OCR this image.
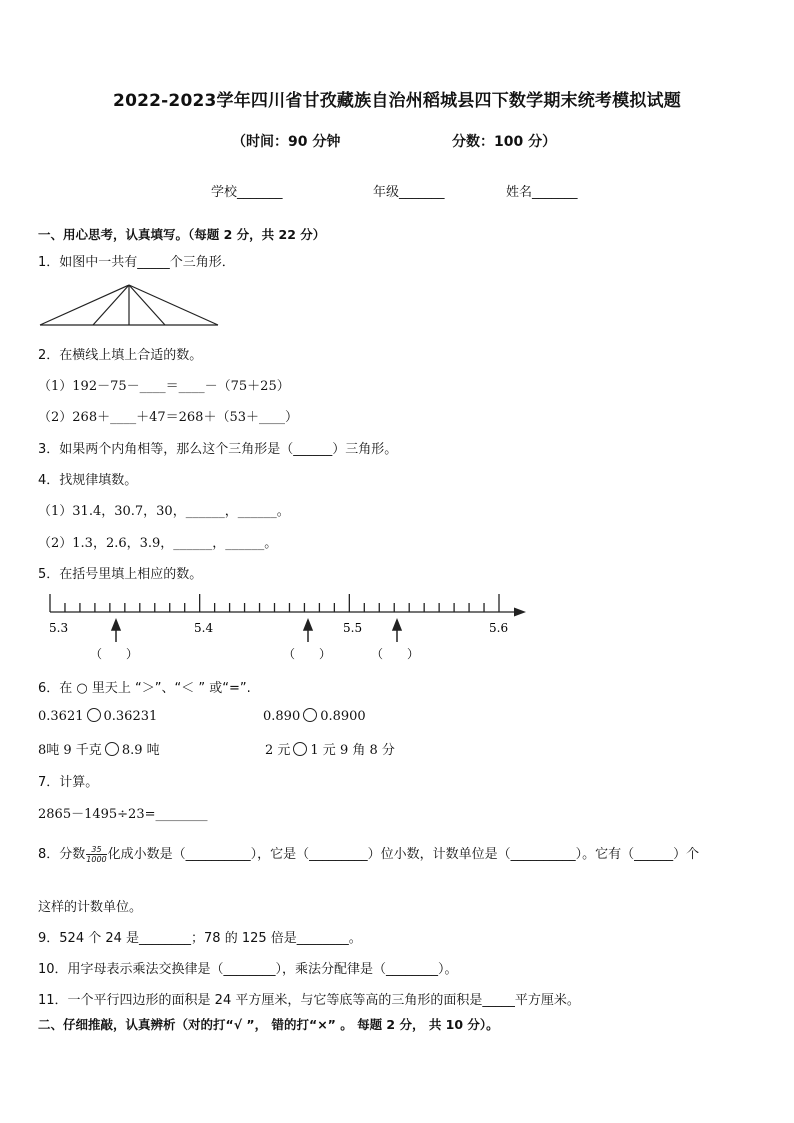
2022-2023学年四川省甘孜藏族自治州稻城县四下数学期末统考模拟试题
（时间：90 分钟	分数：100 分）
学校_______	年级_______	姓名_______
一、用心思考，认真填写。（每题 2 分，共 22 分）
1．如图中一共有_____个三角形．
2．在横线上填上合适的数。
（1）192－75－____＝____－（75＋25）
（2）268＋____＋47＝268＋（53＋____）
3．如果两个内角相等，那么这个三角形是（______）三角形。
4．找规律填数。
（1）31.4，30.7，30，______，______。
（2）1.3，2.6，3.9，______，______。
5．在括号里填上相应的数。
5.3	5.4	5.5	5.6
（　　）	（　　）	（　　）
6．在 ○ 里天上 “＞”、“＜ ” 或“=”.
0.3621 0.36231	0.890 0.8900
8吨 9 千克 8.9 吨	2 元 1 元 9 角 8 分
7．计算。
2865－1495÷23=________
8．分数 $\frac{35}{1000}$ 化成小数是（__________），它是（_________）位小数，计数单位是（__________）。它有（______）个
这样的计数单位。
9．524 个 24 是________；78 的 125 倍是________。
10．用字母表示乘法交换律是（________），乘法分配律是（________）。
11．一个平行四边形的面积是 24 平方厘米，与它等底等高的三角形的面积是_____平方厘米。
二、仔细推敲，认真辨析（对的打“√ ”， 错的打“×” 。 每题 2 分， 共 10 分）。
